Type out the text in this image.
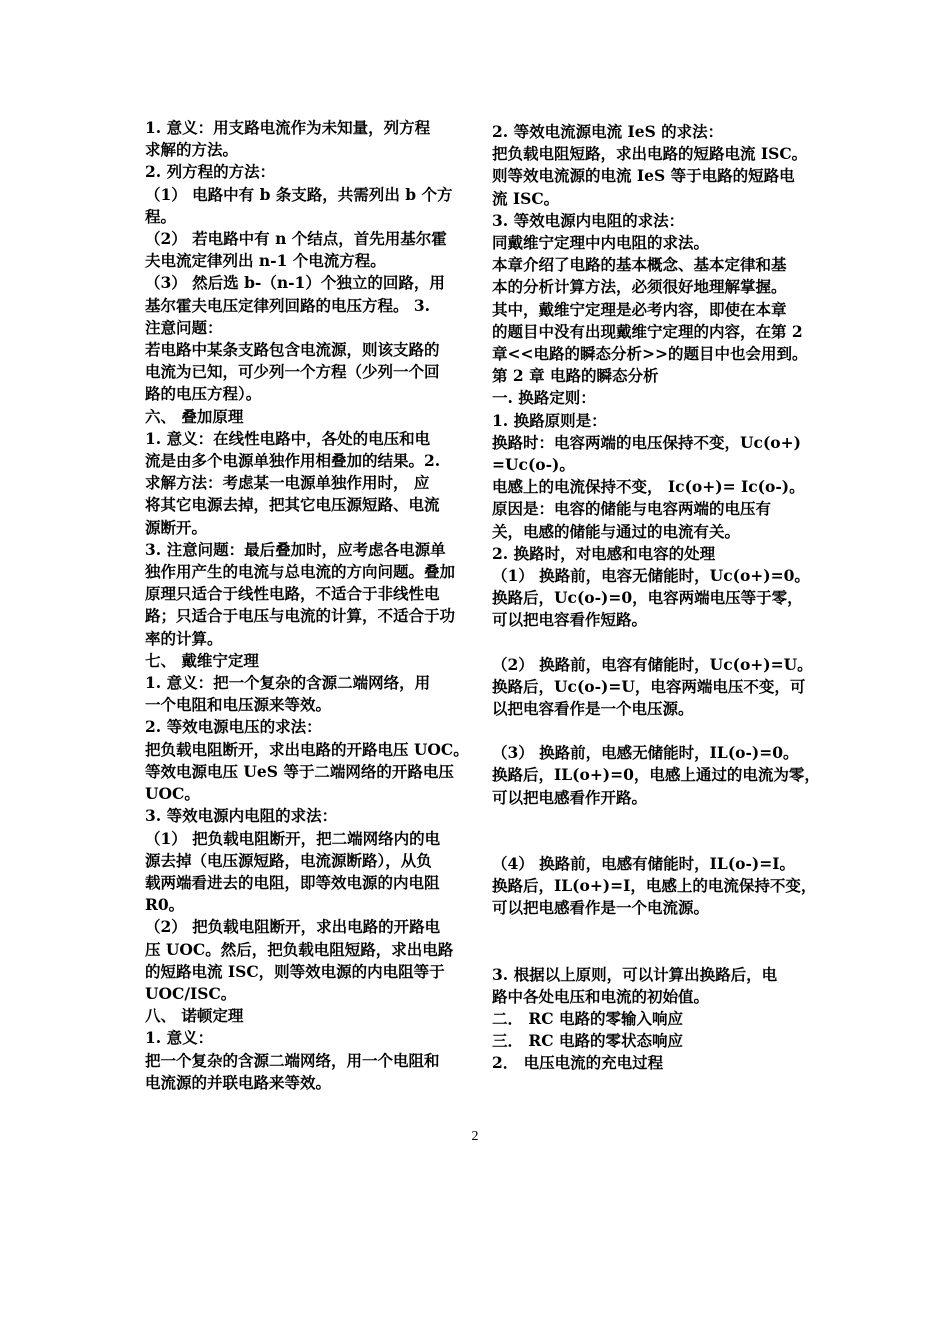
1. 意义：用支路电流作为未知量，列方程

求解的方法。

2. 列方程的方法：

（1） 电路中有 b 条支路，共需列出 b 个方

程。

（2） 若电路中有 n 个结点，首先用基尔霍

夫电流定律列出 n-1 个电流方程。

（3） 然后选 b-（n-1）个独立的回路，用

基尔霍夫电压定律列回路的电压方程。 3.

注意问题：

若电路中某条支路包含电流源，则该支路的

电流为已知，可少列一个方程（少列一个回

路的电压方程）。

六、 叠加原理

1. 意义：在线性电路中，各处的电压和电

流是由多个电源单独作用相叠加的结果。2.

求解方法：考虑某一电源单独作用时， 应

将其它电源去掉，把其它电压源短路、电流

源断开。

3. 注意问题：最后叠加时，应考虑各电源单

独作用产生的电流与总电流的方向问题。叠加

原理只适合于线性电路，不适合于非线性电

路；只适合于电压与电流的计算，不适合于功

率的计算。

七、 戴维宁定理

1. 意义：把一个复杂的含源二端网络，用

一个电阻和电压源来等效。

2. 等效电源电压的求法：

把负载电阻断开，求出电路的开路电压 UOC。

等效电源电压 UeS 等于二端网络的开路电压

UOC。

3. 等效电源内电阻的求法：

（1） 把负载电阻断开，把二端网络内的电

源去掉（电压源短路，电流源断路），从负

载两端看进去的电阻，即等效电源的内电阻

R0。

（2） 把负载电阻断开，求出电路的开路电

压 UOC。然后，把负载电阻短路，求出电路

的短路电流 ISC，则等效电源的内电阻等于

UOC/ISC。

八、 诺顿定理

1. 意义：

把一个复杂的含源二端网络，用一个电阻和

电流源的并联电路来等效。

2. 等效电流源电流 IeS 的求法：

把负载电阻短路，求出电路的短路电流 ISC。

则等效电流源的电流 IeS 等于电路的短路电

流 ISC。

3. 等效电源内电阻的求法：

同戴维宁定理中内电阻的求法。

本章介绍了电路的基本概念、基本定律和基

本的分析计算方法，必须很好地理解掌握。

其中，戴维宁定理是必考内容，即使在本章

的题目中没有出现戴维宁定理的内容，在第 2

章<<电路的瞬态分析>>的题目中也会用到。

第 2 章 电路的瞬态分析

一. 换路定则：

1. 换路原则是：

换路时：电容两端的电压保持不变，Uc(o+)

=Uc(o-)。

电感上的电流保持不变， Ic(o+)= Ic(o-)。

原因是：电容的储能与电容两端的电压有

关，电感的储能与通过的电流有关。

2. 换路时，对电感和电容的处理

（1） 换路前，电容无储能时，Uc(o+)=0。

换路后，Uc(o-)=0，电容两端电压等于零，

可以把电容看作短路。

（2） 换路前，电容有储能时，Uc(o+)=U。

换路后，Uc(o-)=U，电容两端电压不变，可

以把电容看作是一个电压源。

（3） 换路前，电感无储能时，IL(o-)=0。

换路后，IL(o+)=0，电感上通过的电流为零，

可以把电感看作开路。

（4） 换路前，电感有储能时，IL(o-)=I。

换路后，IL(o+)=I，电感上的电流保持不变，

可以把电感看作是一个电流源。

3. 根据以上原则，可以计算出换路后，电

路中各处电压和电流的初始值。

二． RC 电路的零输入响应

三． RC 电路的零状态响应

2． 电压电流的充电过程

2
